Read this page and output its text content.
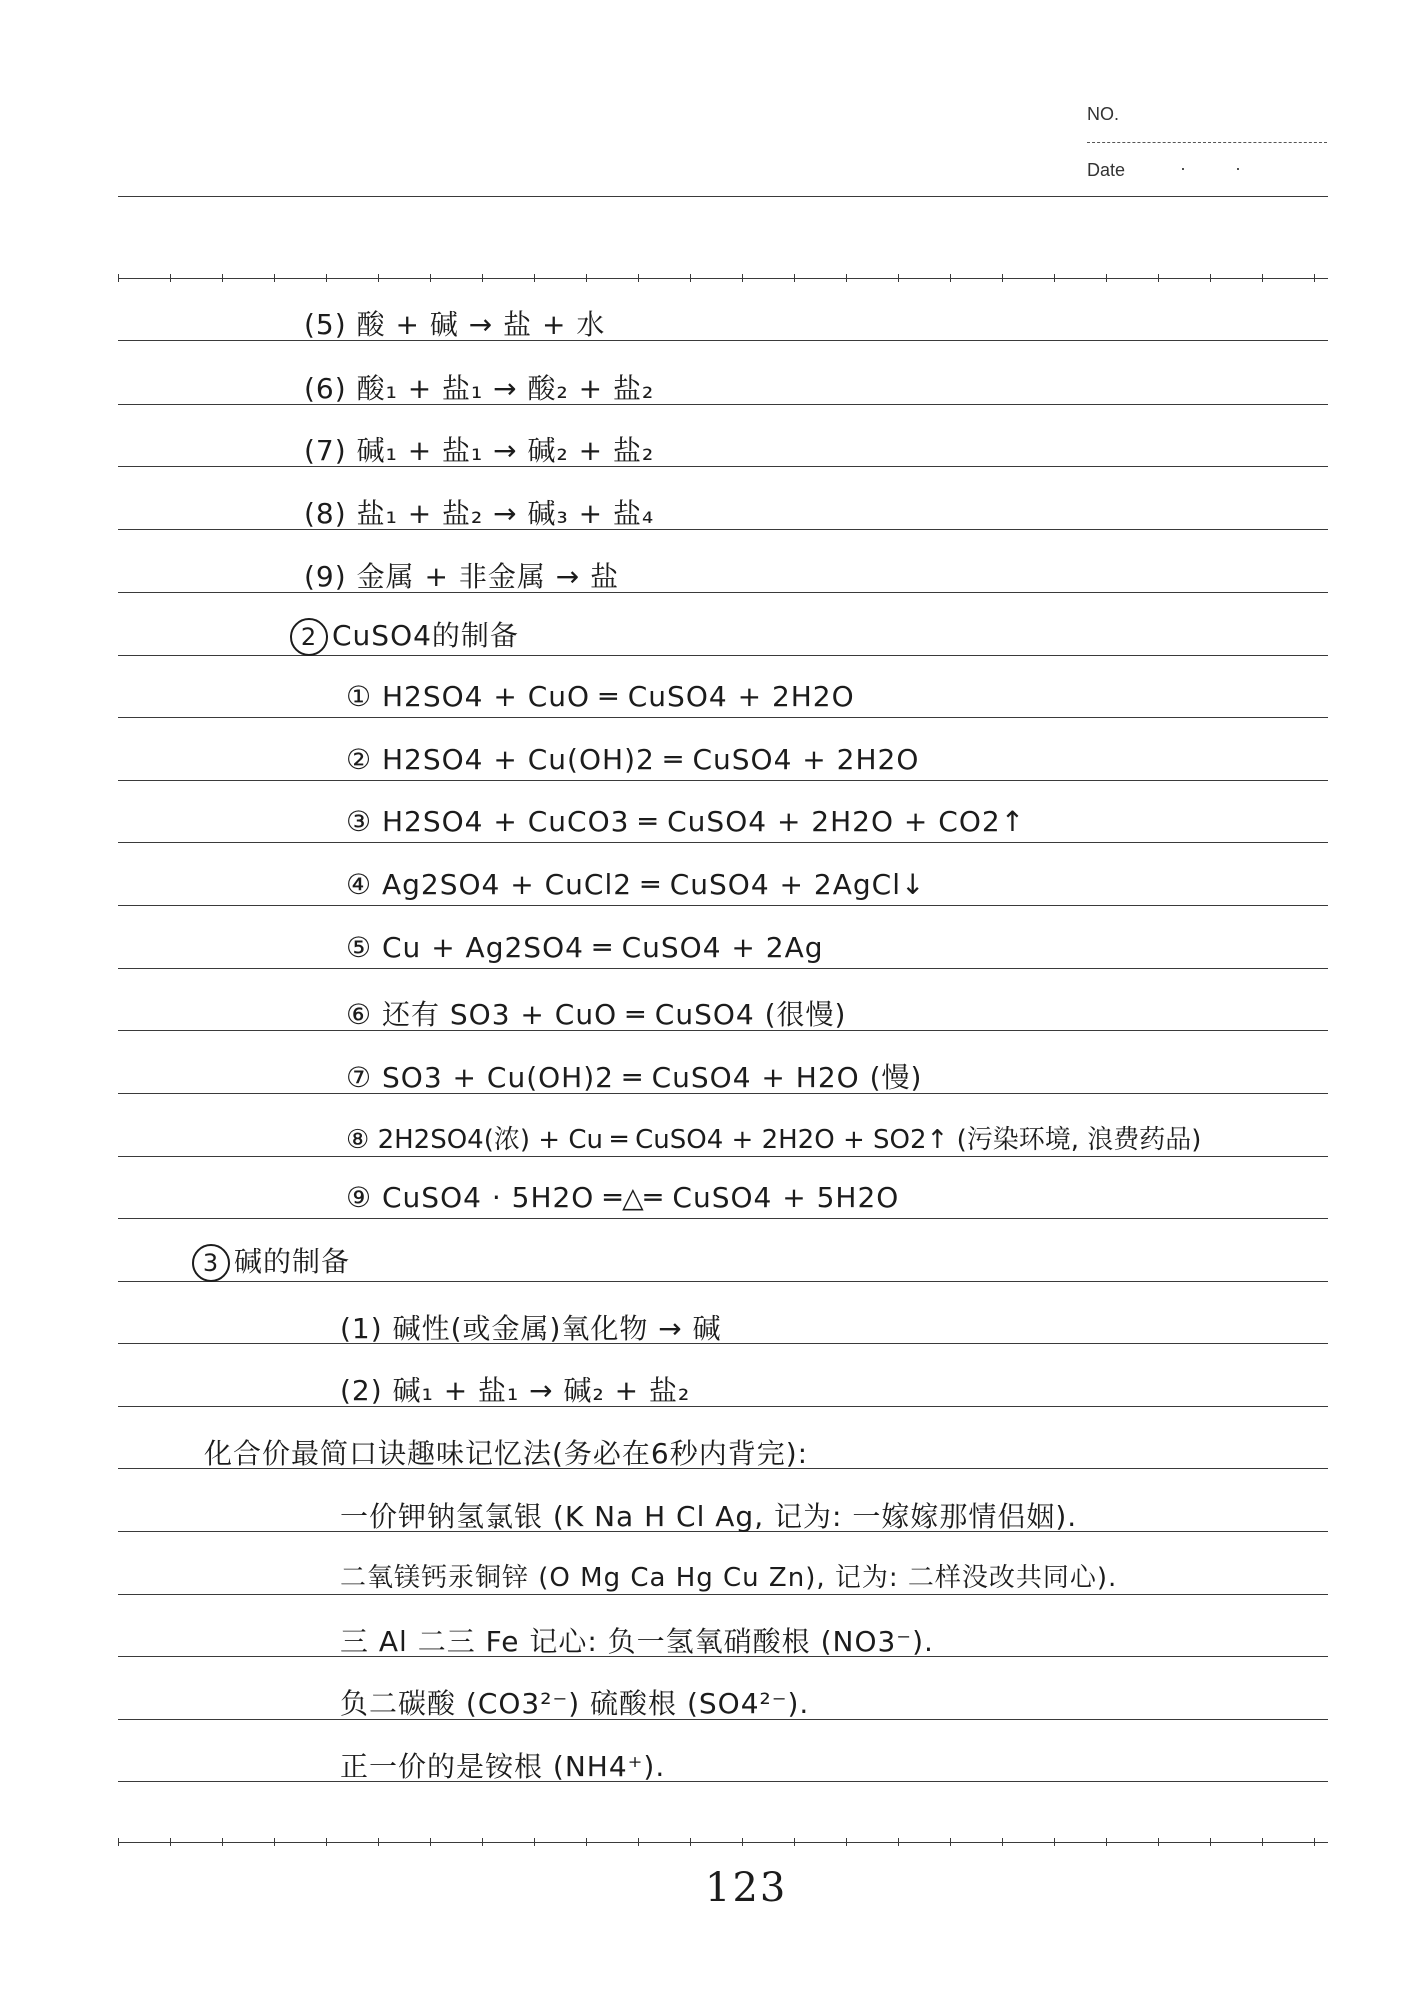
NO.
Date	· ·
(5) 酸 + 碱 → 盐 + 水
(6) 酸₁ + 盐₁ → 酸₂ + 盐₂
(7) 碱₁ + 盐₁ → 碱₂ + 盐₂
(8) 盐₁ + 盐₂ → 碱₃ + 盐₄
(9) 金属 + 非金属 → 盐
2 CuSO4的制备
① H2SO4 + CuO ═ CuSO4 + 2H2O
② H2SO4 + Cu(OH)2 ═ CuSO4 + 2H2O
③ H2SO4 + CuCO3 ═ CuSO4 + 2H2O + CO2↑
④ Ag2SO4 + CuCl2 ═ CuSO4 + 2AgCl↓
⑤ Cu + Ag2SO4 ═ CuSO4 + 2Ag
⑥ 还有 SO3 + CuO ═ CuSO4 (很慢)
⑦ SO3 + Cu(OH)2 ═ CuSO4 + H2O (慢)
⑧ 2H2SO4(浓) + Cu ═ CuSO4 + 2H2O + SO2↑ (污染环境, 浪费药品)
⑨ CuSO4 · 5H2O ═△═ CuSO4 + 5H2O
3 碱的制备
(1) 碱性(或金属)氧化物 → 碱
(2) 碱₁ + 盐₁ → 碱₂ + 盐₂
化合价最简口诀趣味记忆法(务必在6秒内背完):
一价钾钠氢氯银 (K Na H Cl Ag, 记为: 一嫁嫁那情侣姻).
二氧镁钙汞铜锌 (O Mg Ca Hg Cu Zn), 记为: 二样没改共同心).
三 Al 二三 Fe 记心: 负一氢氧硝酸根 (NO3⁻).
负二碳酸 (CO3²⁻) 硫酸根 (SO4²⁻).
正一价的是铵根 (NH4⁺).
123
